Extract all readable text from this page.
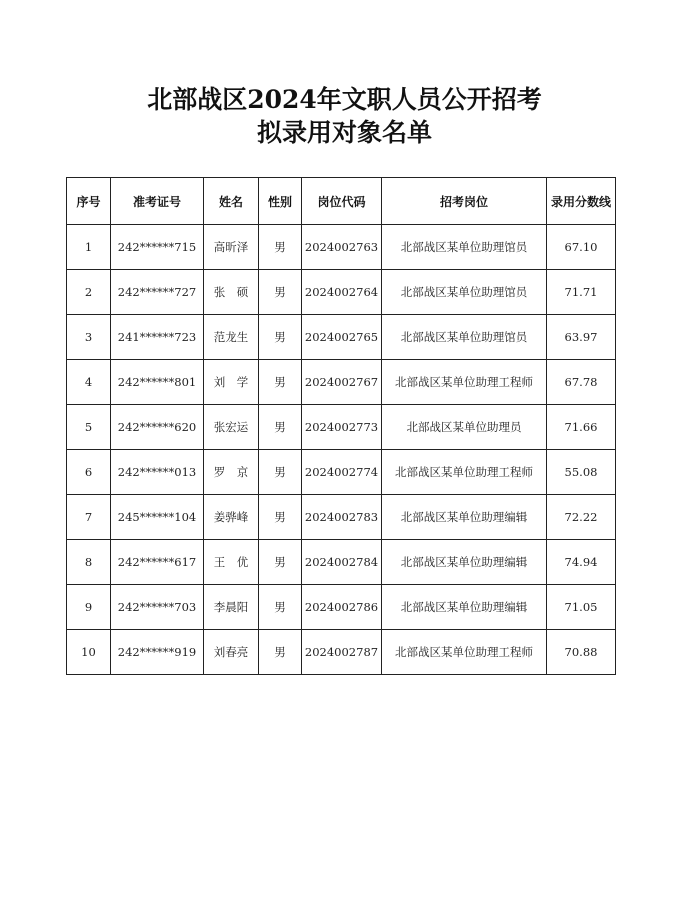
北部战区2024年文职人员公开招考
拟录用对象名单
序号	准考证号	姓名	性别	岗位代码	招考岗位	录用分数线
1	242******715	高昕泽	男	2024002763	北部战区某单位助理馆员	67.10
2	242******727	张　硕	男	2024002764	北部战区某单位助理馆员	71.71
3	241******723	范龙生	男	2024002765	北部战区某单位助理馆员	63.97
4	242******801	刘　学	男	2024002767	北部战区某单位助理工程师	67.78
5	242******620	张宏运	男	2024002773	北部战区某单位助理员	71.66
6	242******013	罗　京	男	2024002774	北部战区某单位助理工程师	55.08
7	245******104	姜骅峰	男	2024002783	北部战区某单位助理编辑	72.22
8	242******617	王　优	男	2024002784	北部战区某单位助理编辑	74.94
9	242******703	李晨阳	男	2024002786	北部战区某单位助理编辑	71.05
10	242******919	刘春亮	男	2024002787	北部战区某单位助理工程师	70.88
